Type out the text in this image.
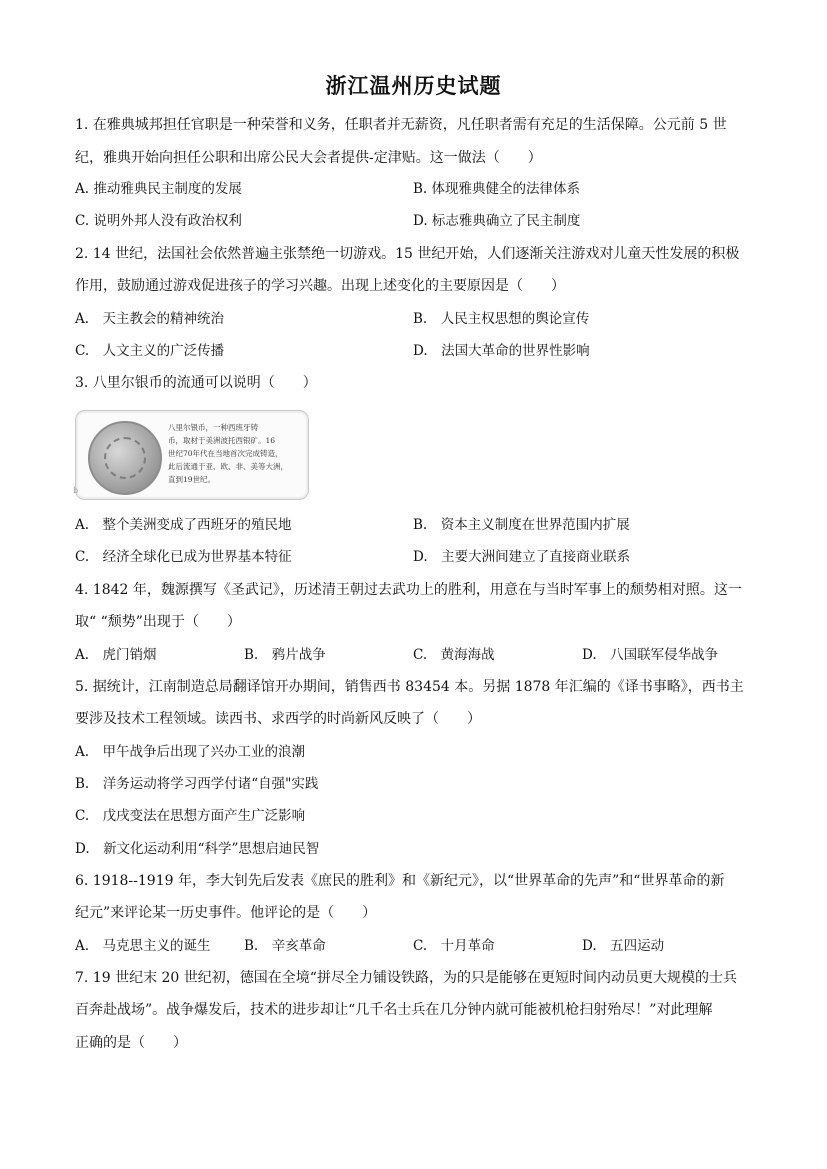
浙江温州历史试题
1. 在雅典城邦担任官职是一种荣誉和义务，任职者并无薪资，凡任职者需有充足的生活保障。公元前 5 世
纪，雅典开始向担任公职和出席公民大会者提供-定津贴。这一做法（　　）
A. 推动雅典民主制度的发展	B. 体现雅典健全的法律体系
C. 说明外邦人没有政治权利	D. 标志雅典确立了民主制度
2. 14 世纪，法国社会依然普遍主张禁绝一切游戏。15 世纪开始，人们逐渐关注游戏对儿童天性发展的积极
作用，鼓励通过游戏促进孩子的学习兴趣。出现上述变化的主要原因是（　　）
A.　天主教会的精神统治	B.　人民主权思想的舆论宣传
C.　人文主义的广泛传播	D.　法国大革命的世界性影响
3. 八里尔银币的流通可以说明（　　）
八里尔银币，一种西班牙铸
币，取材于美洲波托西银矿。16
世纪70年代在当地首次完成铸造，
此后流通于亚、欧、非、美等大洲，
直到19世纪。
b
A.　整个美洲变成了西班牙的殖民地	B.　资本主义制度在世界范围内扩展
C.　经济全球化已成为世界基本特征	D.　主要大洲间建立了直接商业联系
4. 1842 年，魏源撰写《圣武记》，历述清王朝过去武功上的胜利，用意在与当时军事上的颓势相对照。这一
取“ “颓势”出现于（　　）
A.　虎门销烟	B.　鸦片战争	C.　黄海海战	D.　八国联军侵华战争
5. 据统计，江南制造总局翻译馆开办期间，销售西书 83454 本。另据 1878 年汇编的《译书事略》，西书主
要涉及技术工程领域。读西书、求西学的时尚新风反映了（　　）
A.　甲午战争后出现了兴办工业的浪潮
B.　洋务运动将学习西学付诸“自强"实践
C.　戊戌变法在思想方面产生广泛影响
D.　新文化运动利用“科学”思想启迪民智
6. 1918--1919 年，李大钊先后发表《庶民的胜利》和《新纪元》，以“世界革命的先声”和“世界革命的新
纪元”来评论某一历史事件。他评论的是（　　）
A.　马克思主义的诞生 B.　辛亥革命	C.　十月革命	D.　五四运动
7. 19 世纪末 20 世纪初，德国在全境“拼尽全力铺设铁路，为的只是能够在更短时间内动员更大规模的士兵
百奔赴战场”。战争爆发后，技术的进步却让“几千名士兵在几分钟内就可能被机枪扫射殆尽！”对此理解
正确的是（　　）
